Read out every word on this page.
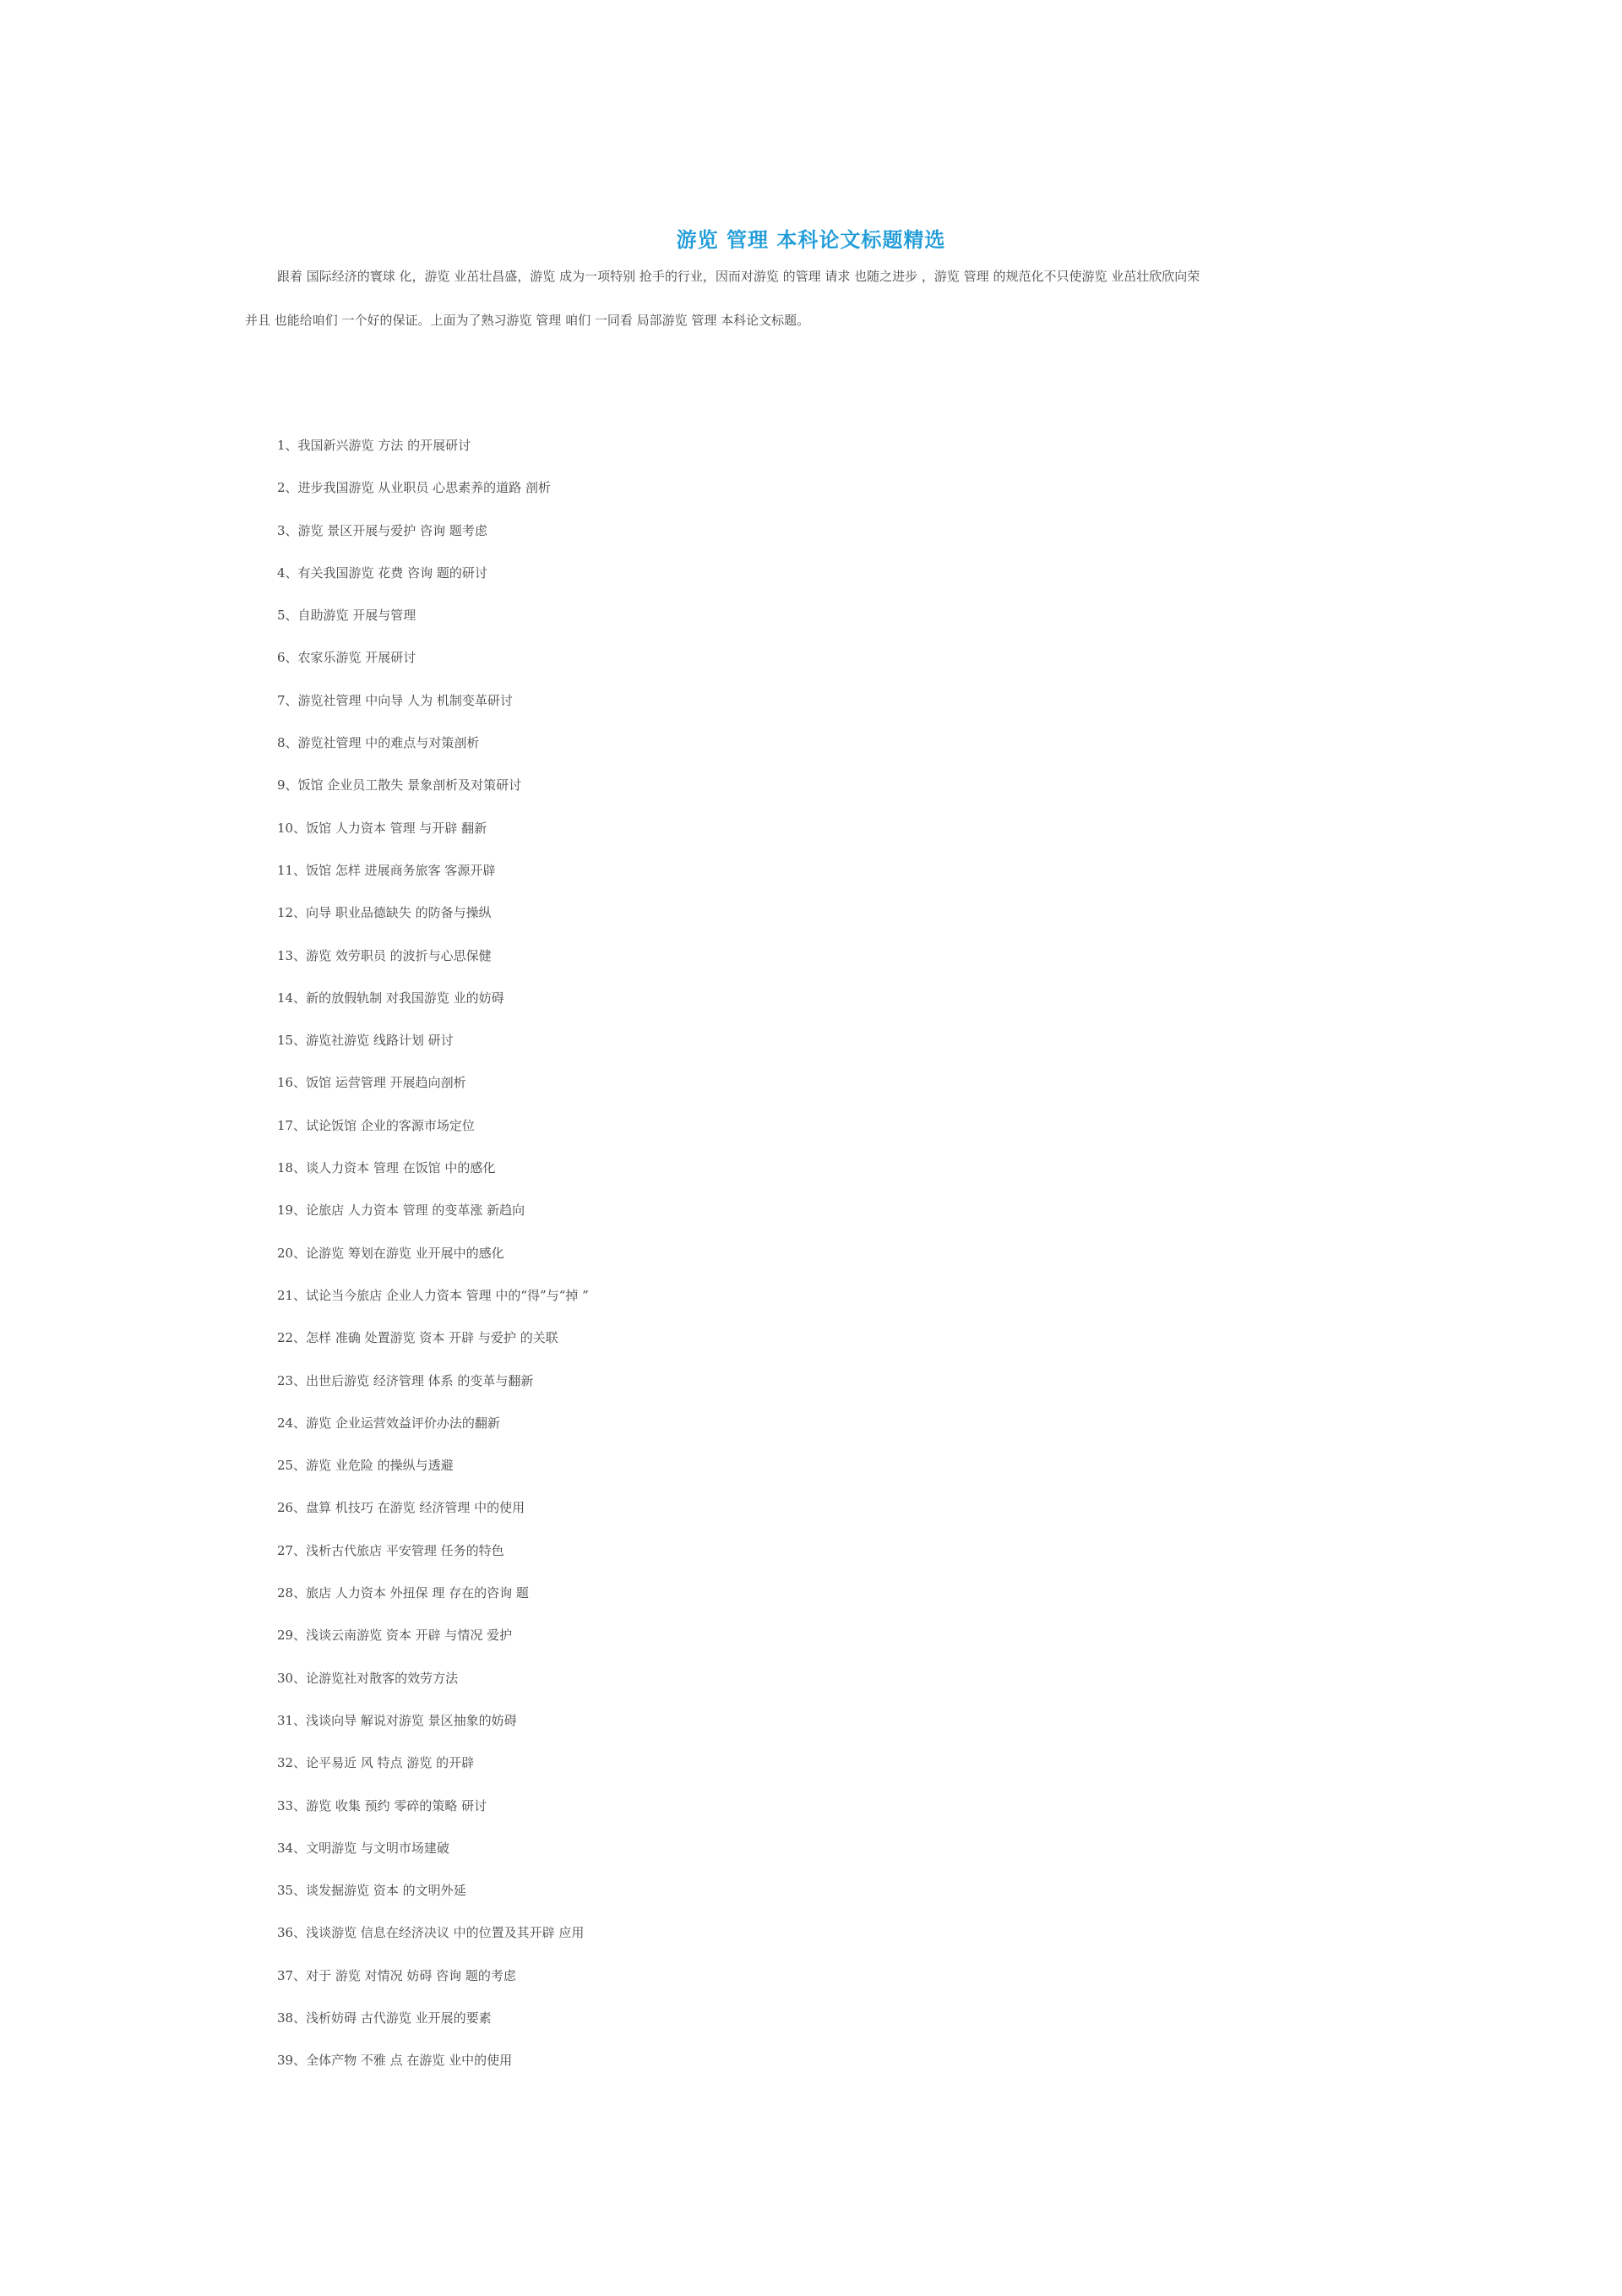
游览 管理 本科论文标题精选

跟着 国际经济的寰球 化，游览 业茁壮昌盛，游览 成为一项特别 抢手的行业，因而对游览 的管理 请求 也随之进步 ，游览 管理 的规范化不只使游览 业茁壮欣欣向荣

并且 也能给咱们 一个好的保证。上面为了熟习游览 管理 咱们 一同看 局部游览 管理 本科论文标题。

1、我国新兴游览 方法 的开展研讨
2、进步我国游览 从业职员 心思素养的道路 剖析
3、游览 景区开展与爱护 咨询 题考虑
4、有关我国游览 花费 咨询 题的研讨
5、自助游览 开展与管理
6、农家乐游览 开展研讨
7、游览社管理 中向导 人为 机制变革研讨
8、游览社管理 中的难点与对策剖析
9、饭馆 企业员工散失 景象剖析及对策研讨
10、饭馆 人力资本 管理 与开辟 翻新
11、饭馆 怎样 进展商务旅客 客源开辟
12、向导 职业品德缺失 的防备与操纵
13、游览 效劳职员 的波折与心思保健
14、新的放假轨制 对我国游览 业的妨碍
15、游览社游览 线路计划 研讨
16、饭馆 运营管理 开展趋向剖析
17、试论饭馆 企业的客源市场定位
18、谈人力资本 管理 在饭馆 中的感化
19、论旅店 人力资本 管理 的变革涨 新趋向
20、论游览 筹划在游览 业开展中的感化
21、试论当今旅店 企业人力资本 管理 中的“得”与“掉 ”
22、怎样 准确 处置游览 资本 开辟 与爱护 的关联
23、出世后游览 经济管理 体系 的变革与翻新
24、游览 企业运营效益评价办法的翻新
25、游览 业危险 的操纵与透避
26、盘算 机技巧 在游览 经济管理 中的使用
27、浅析古代旅店 平安管理 任务的特色
28、旅店 人力资本 外扭保 理 存在的咨询 题
29、浅谈云南游览 资本 开辟 与情况 爱护
30、论游览社对散客的效劳方法
31、浅谈向导 解说对游览 景区抽象的妨碍
32、论平易近 风 特点 游览 的开辟
33、游览 收集 预约 零碎的策略 研讨
34、文明游览 与文明市场建破
35、谈发掘游览 资本 的文明外延
36、浅谈游览 信息在经济决议 中的位置及其开辟 应用
37、对于 游览 对情况 妨碍 咨询 题的考虑
38、浅析妨碍 古代游览 业开展的要素
39、全体产物 不雅 点 在游览 业中的使用
